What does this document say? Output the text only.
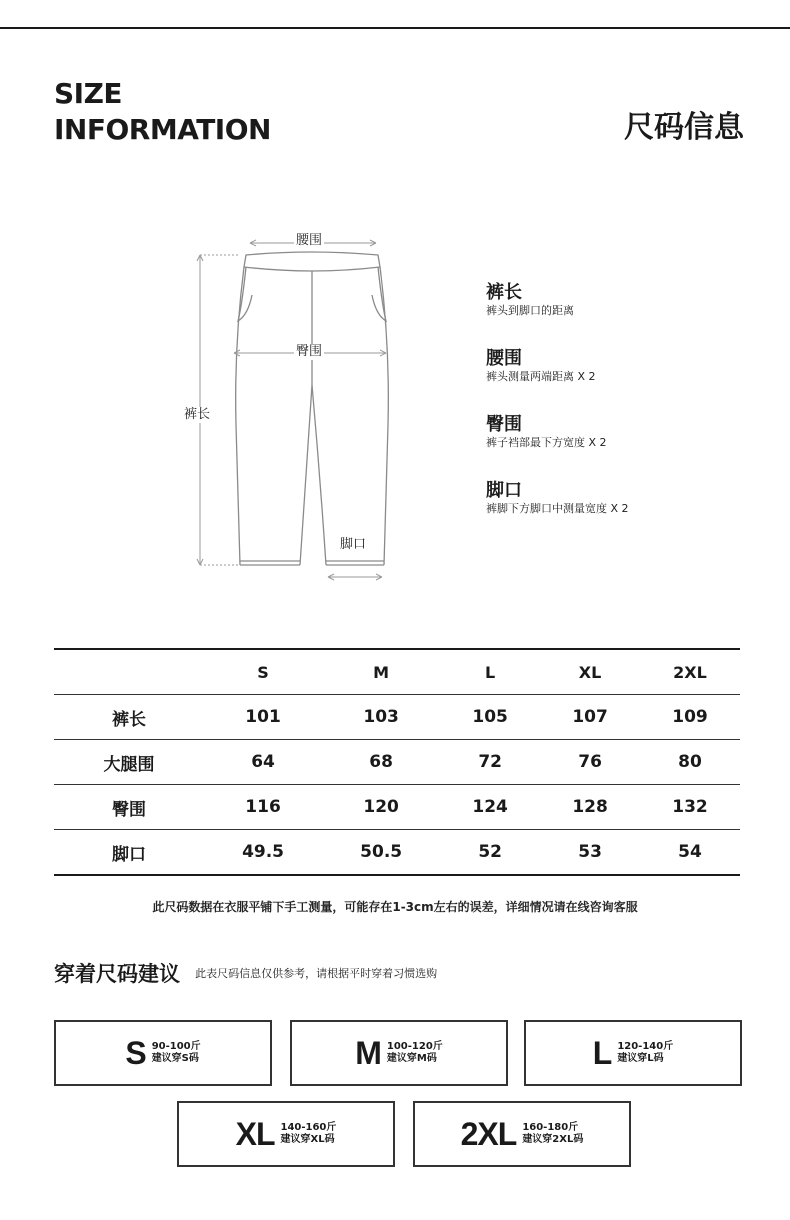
SIZE
INFORMATION	尺码信息
腰围
臀围
裤长
脚口
裤长
裤头到脚口的距离
腰围
裤头测量两端距离 X 2
臀围
裤子裆部最下方宽度 X 2
脚口
裤脚下方脚口中测量宽度 X 2
	S	M	L	XL	2XL
裤长	101	103	105	107	109
大腿围	64	68	72	76	80
臀围	116	120	124	128	132
脚口	49.5	50.5	52	53	54
此尺码数据在衣服平铺下手工测量，可能存在1-3cm左右的误差，详细情况请在线咨询客服
穿着尺码建议 此表尺码信息仅供参考，请根据平时穿着习惯选购
S 90-100斤
建议穿S码	M 100-120斤
建议穿M码	L 120-140斤
建议穿L码
XL 140-160斤
建议穿XL码	2XL 160-180斤
建议穿2XL码
